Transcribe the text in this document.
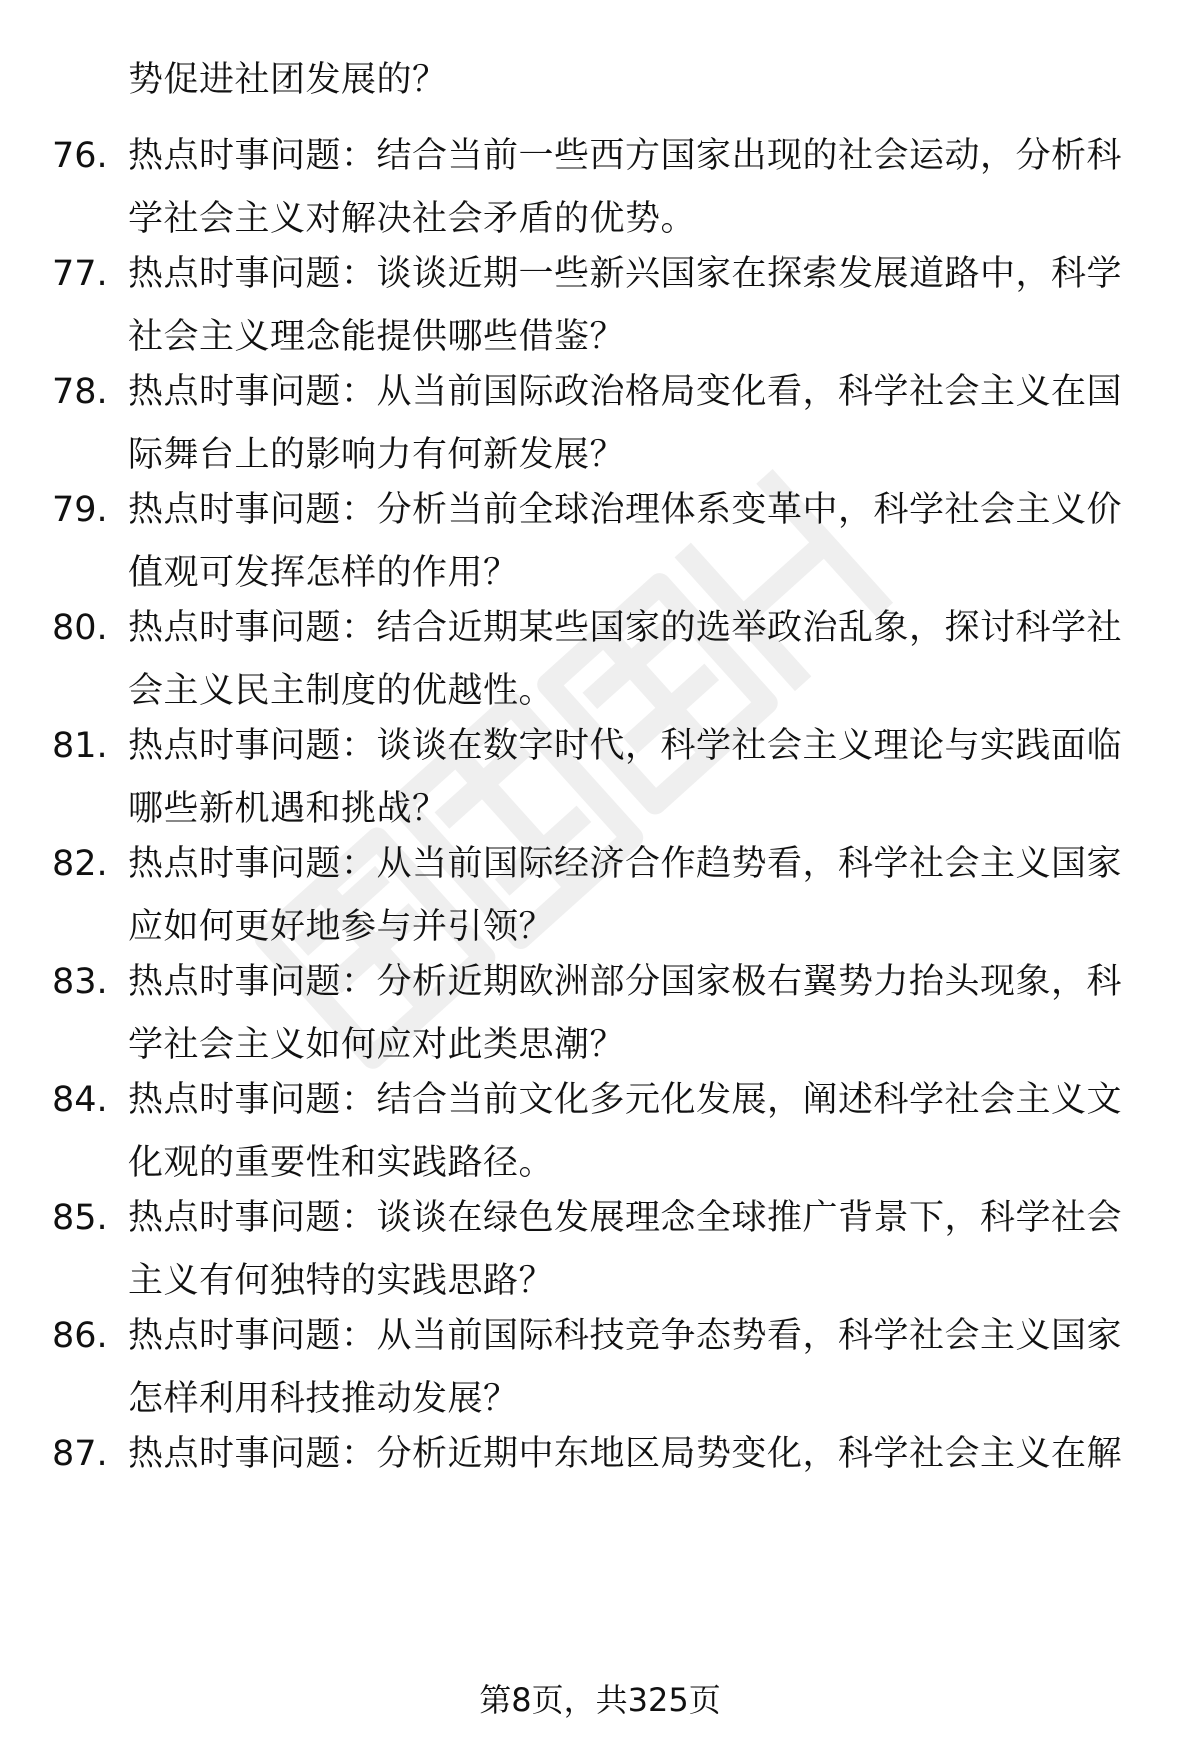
势促进社团发展的？
76. 热点时事问题：结合当前一些西方国家出现的社会运动，分析科
学社会主义对解决社会矛盾的优势。
77. 热点时事问题：谈谈近期一些新兴国家在探索发展道路中，科学
社会主义理念能提供哪些借鉴？
78. 热点时事问题：从当前国际政治格局变化看，科学社会主义在国
际舞台上的影响力有何新发展？
79. 热点时事问题：分析当前全球治理体系变革中，科学社会主义价
值观可发挥怎样的作用？
80. 热点时事问题：结合近期某些国家的选举政治乱象，探讨科学社
会主义民主制度的优越性。
81. 热点时事问题：谈谈在数字时代，科学社会主义理论与实践面临
哪些新机遇和挑战？
82. 热点时事问题：从当前国际经济合作趋势看，科学社会主义国家
应如何更好地参与并引领？
83. 热点时事问题：分析近期欧洲部分国家极右翼势力抬头现象，科
学社会主义如何应对此类思潮？
84. 热点时事问题：结合当前文化多元化发展，阐述科学社会主义文
化观的重要性和实践路径。
85. 热点时事问题：谈谈在绿色发展理念全球推广背景下，科学社会
主义有何独特的实践思路？
86. 热点时事问题：从当前国际科技竞争态势看，科学社会主义国家
怎样利用科技推动发展？
87. 热点时事问题：分析近期中东地区局势变化，科学社会主义在解
第8页，共325页
